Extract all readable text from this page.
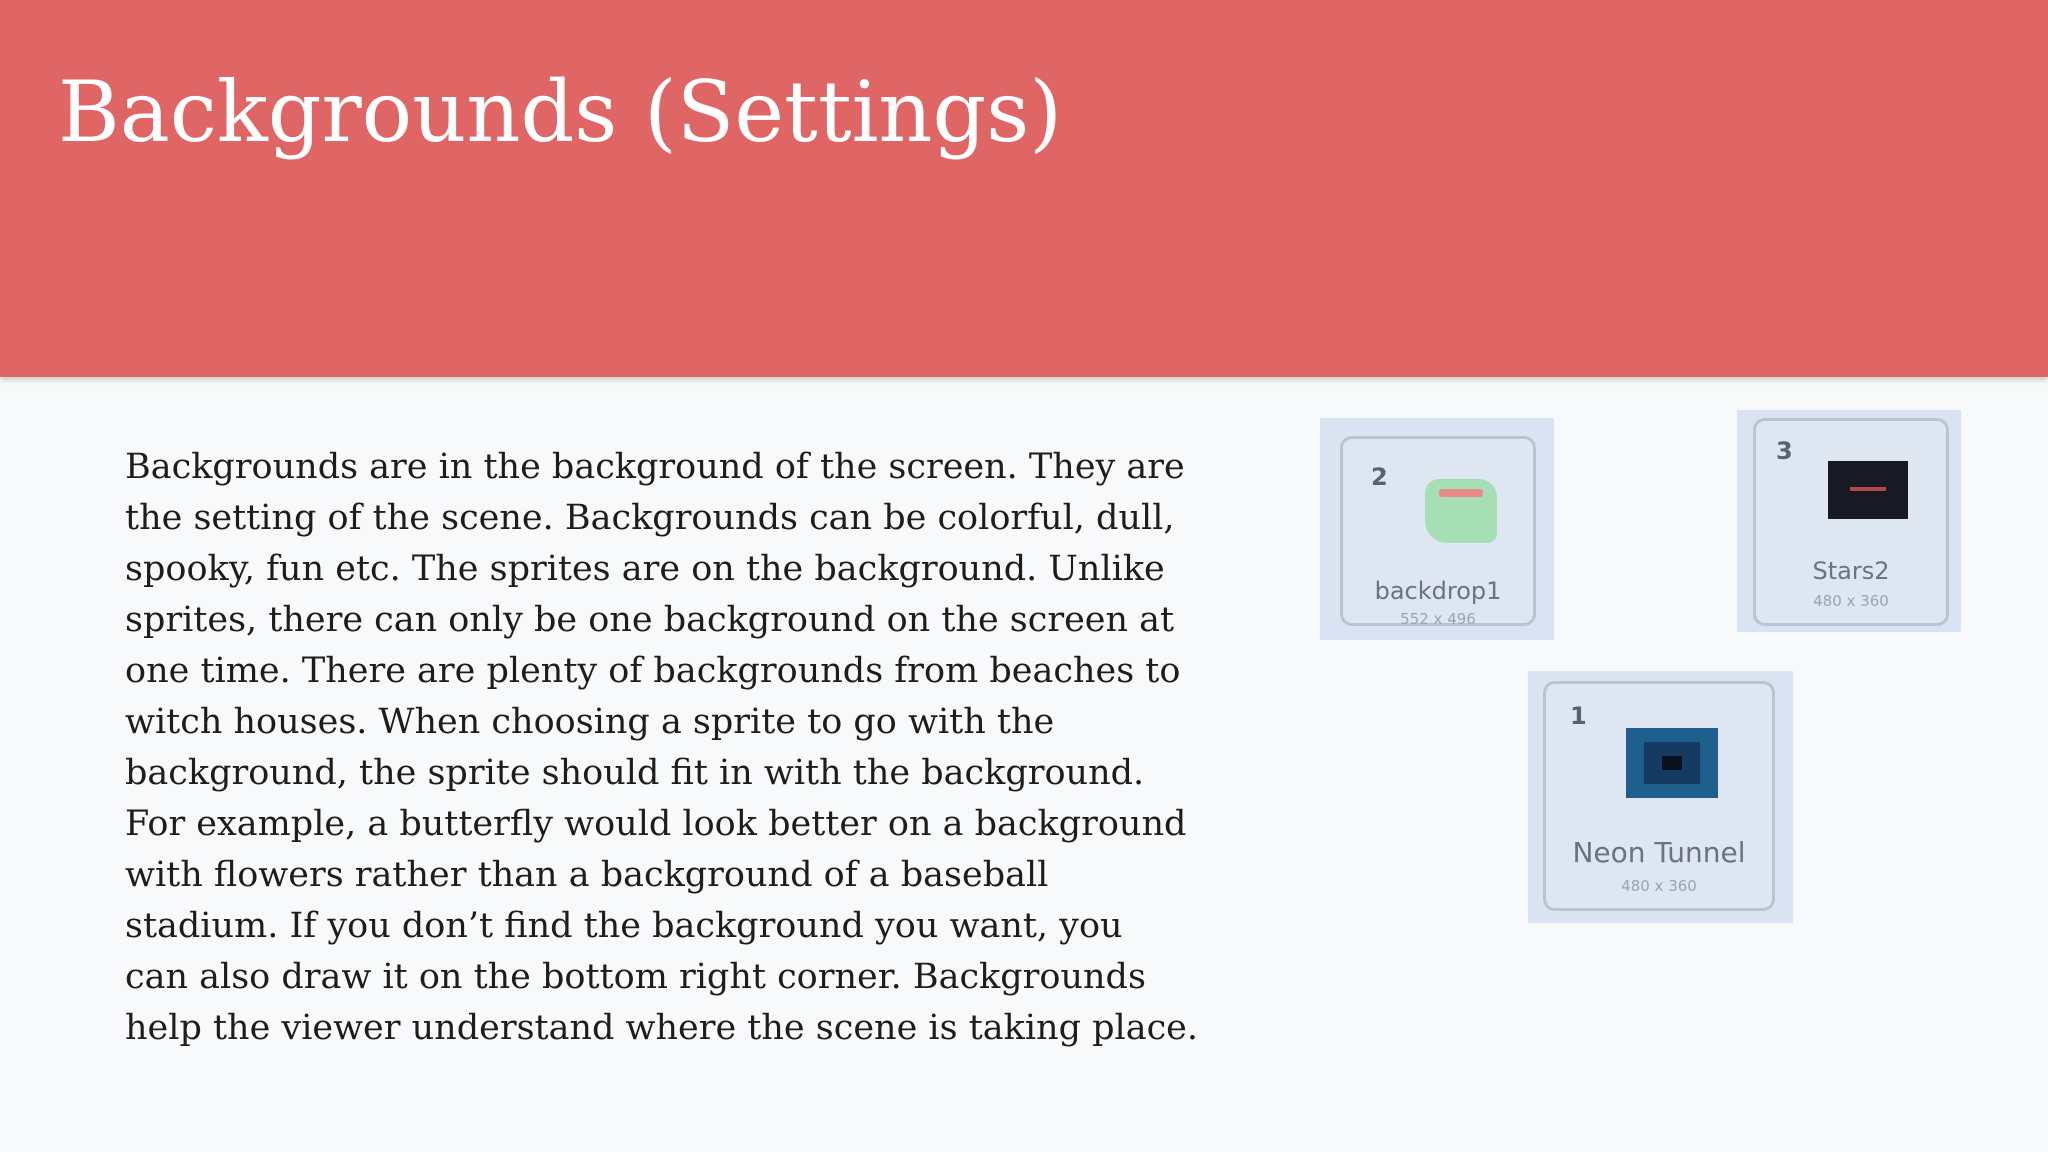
Backgrounds (Settings)
Backgrounds are in the background of the screen. They are
the setting of the scene. Backgrounds can be colorful, dull,
spooky, fun etc. The sprites are on the background. Unlike
sprites, there can only be one background on the screen at
one time. There are plenty of backgrounds from beaches to
witch houses. When choosing a sprite to go with the
background, the sprite should fit in with the background.
For example, a butterfly would look better on a background
with flowers rather than a background of a baseball
stadium. If you don’t find the background you want, you
can also draw it on the bottom right corner. Backgrounds
help the viewer understand where the scene is taking place.
2
backdrop1
552 x 496
3
Stars2
480 x 360
1
Neon Tunnel
480 x 360
